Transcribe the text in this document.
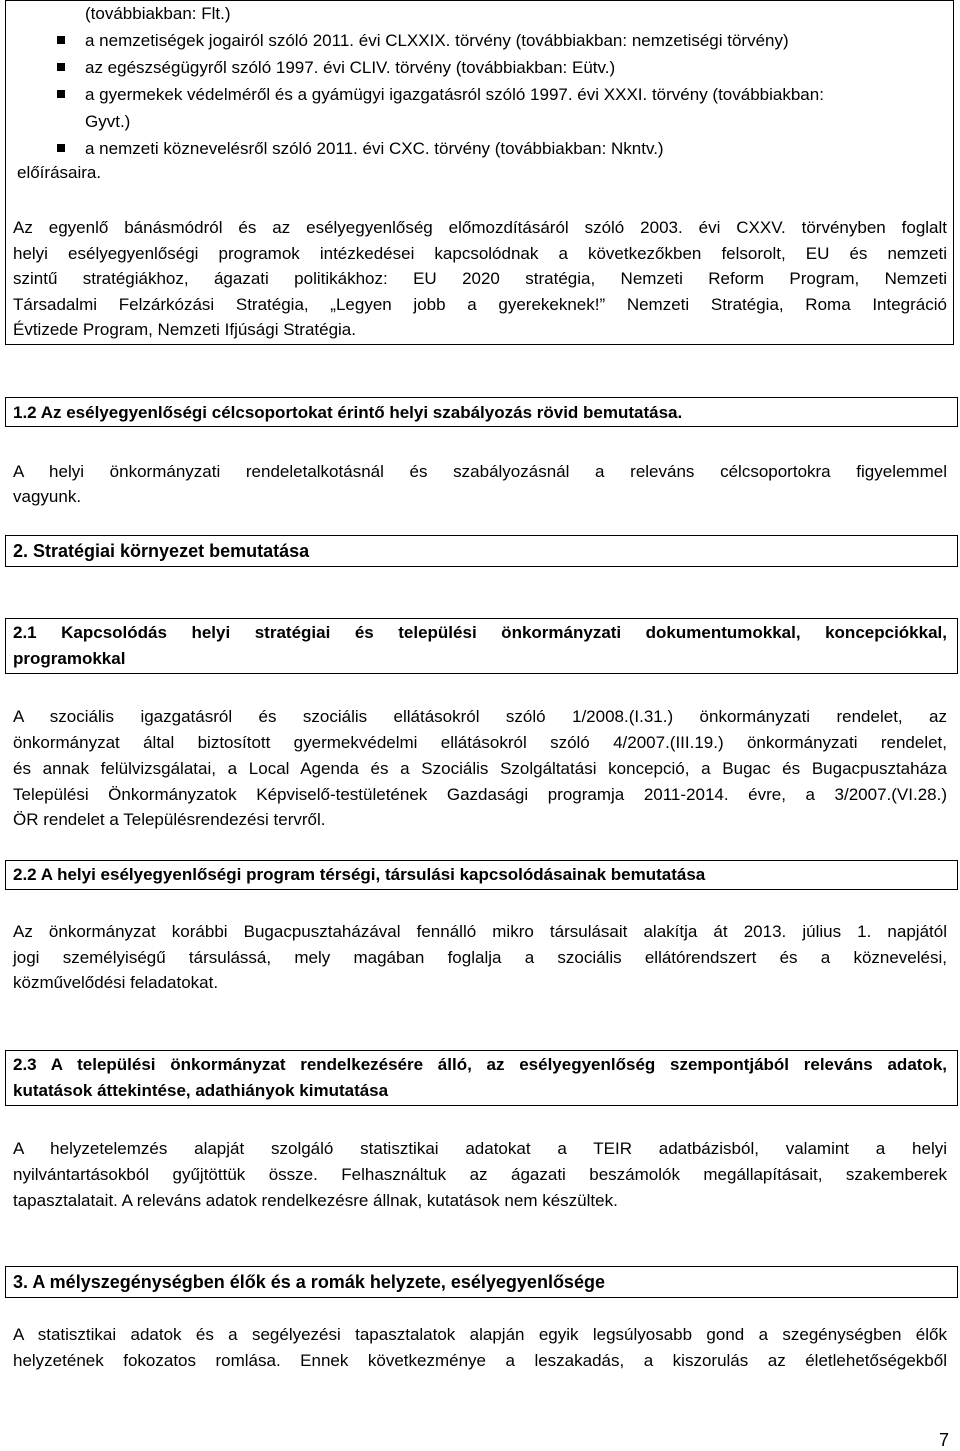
(továbbiakban: Flt.)
a nemzetiségek jogairól szóló 2011. évi CLXXIX. törvény (továbbiakban: nemzetiségi törvény)
az egészségügyről szóló 1997. évi CLIV. törvény (továbbiakban: Eütv.)
a gyermekek védelméről és a gyámügyi igazgatásról szóló 1997. évi XXXI. törvény (továbbiakban:
Gyvt.)
a nemzeti köznevelésről szóló 2011. évi CXC. törvény (továbbiakban: Nkntv.)
előírásaira.
Az egyenlő bánásmódról és az esélyegyenlőség előmozdításáról szóló 2003. évi CXXV. törvényben foglalt
helyi esélyegyenlőségi programok intézkedései kapcsolódnak a következőkben felsorolt, EU és nemzeti
szintű stratégiákhoz, ágazati politikákhoz: EU 2020 stratégia, Nemzeti Reform Program, Nemzeti
Társadalmi Felzárkózási Stratégia, „Legyen jobb a gyerekeknek!” Nemzeti Stratégia, Roma Integráció
Évtizede Program, Nemzeti Ifjúsági Stratégia.
1.2 Az esélyegyenlőségi célcsoportokat érintő helyi szabályozás rövid bemutatása.
A helyi önkormányzati rendeletalkotásnál és szabályozásnál a releváns célcsoportokra figyelemmel
vagyunk.
2. Stratégiai környezet bemutatása
2.1 Kapcsolódás helyi stratégiai és települési önkormányzati dokumentumokkal, koncepciókkal,
programokkal
A szociális igazgatásról és szociális ellátásokról szóló 1/2008.(I.31.) önkormányzati rendelet, az
önkormányzat által biztosított gyermekvédelmi ellátásokról szóló 4/2007.(III.19.) önkormányzati rendelet,
és annak felülvizsgálatai, a Local Agenda és a Szociális Szolgáltatási koncepció, a Bugac és Bugacpusztaháza
Települési Önkormányzatok Képviselő-testületének Gazdasági programja 2011-2014. évre, a 3/2007.(VI.28.)
ÖR rendelet a Településrendezési tervről.
2.2 A helyi esélyegyenlőségi program térségi, társulási kapcsolódásainak bemutatása
Az önkormányzat korábbi Bugacpusztaházával fennálló mikro társulásait alakítja át 2013. július 1. napjától
jogi személyiségű társulássá, mely magában foglalja a szociális ellátórendszert és a köznevelési,
közművelődési feladatokat.
2.3 A települési önkormányzat rendelkezésére álló, az esélyegyenlőség szempontjából releváns adatok,
kutatások áttekintése, adathiányok kimutatása
A helyzetelemzés alapját szolgáló statisztikai adatokat a TEIR adatbázisból, valamint a helyi
nyilvántartásokból gyűjtöttük össze. Felhasználtuk az ágazati beszámolók megállapításait, szakemberek
tapasztalatait. A releváns adatok rendelkezésre állnak, kutatások nem készültek.
3. A mélyszegénységben élők és a romák helyzete, esélyegyenlősége
A statisztikai adatok és a segélyezési tapasztalatok alapján egyik legsúlyosabb gond a szegénységben élők
helyzetének fokozatos romlása. Ennek következménye a leszakadás, a kiszorulás az életlehetőségekből
7
